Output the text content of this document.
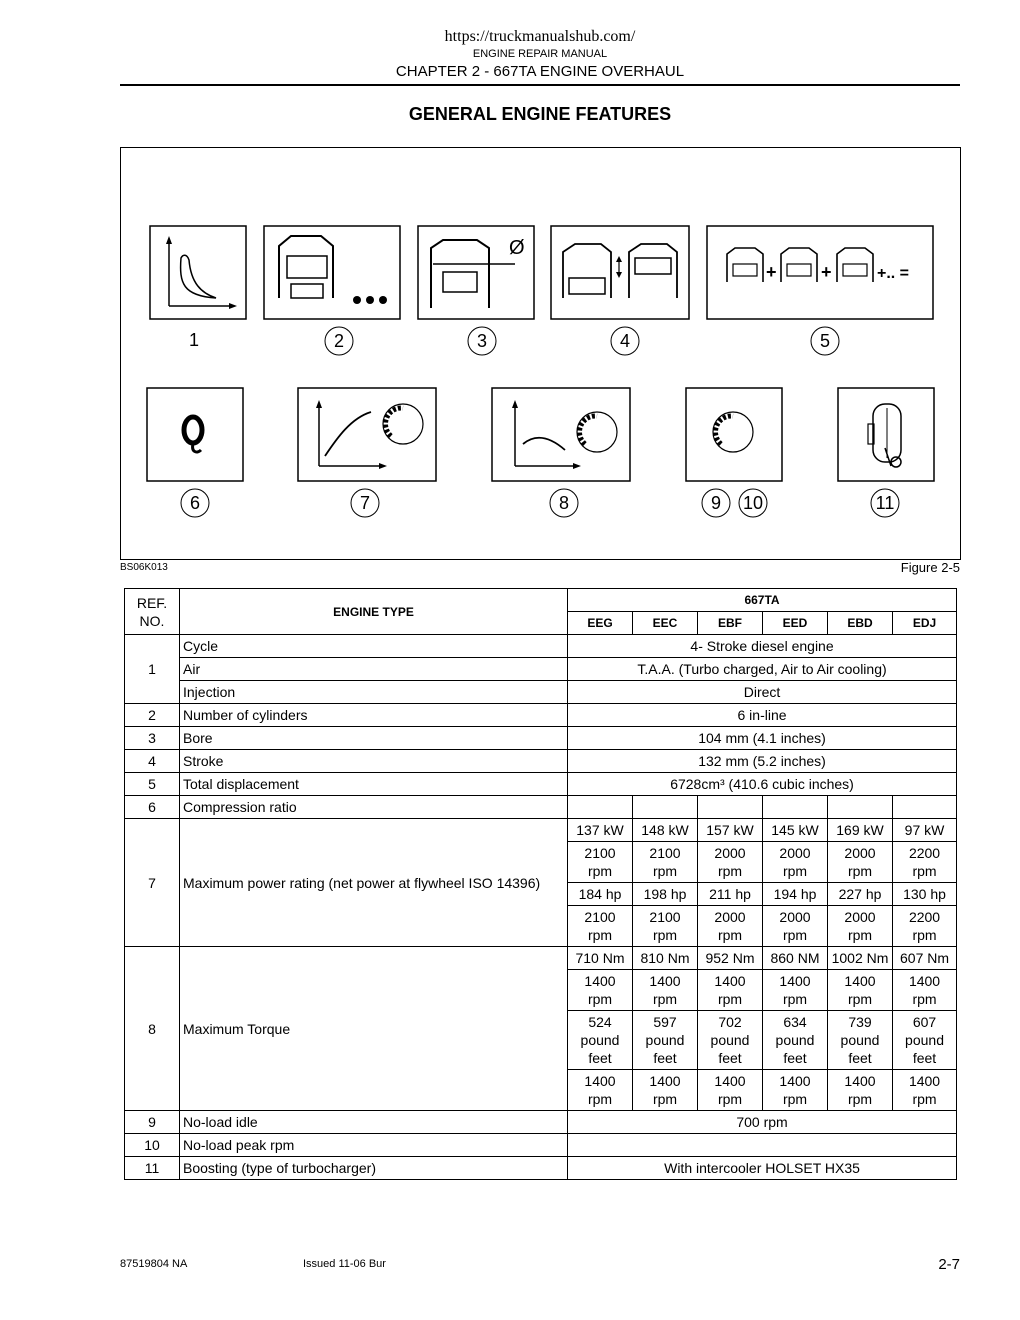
https://truckmanualshub.com/
ENGINE REPAIR MANUAL
CHAPTER 2 - 667TA ENGINE OVERHAUL
GENERAL ENGINE FEATURES
Ø
+ +	+.. =
1	2	3	4	5
6	7	8	9 10	11
BS06K013	Figure 2-5
REF. NO.	ENGINE TYPE	667TA					
		EEG	EEC	EBF	EED	EBD	EDJ
1	Cycle	4- Stroke diesel engine					
	Air	T.A.A. (Turbo charged, Air to Air cooling)					
	Injection	Direct					
2	Number of cylinders	6 in-line					
3	Bore	104 mm (4.1 inches)					
4	Stroke	132 mm (5.2 inches)					
5	Total displacement	6728cm³ (410.6 cubic inches)					
6	Compression ratio						
7	Maximum power rating (net power at flywheel ISO 14396)	137 kW	148 kW	157 kW	145 kW	169 kW	97 kW
		2100 rpm	2100 rpm	2000 rpm	2000 rpm	2000 rpm	2200 rpm
		184 hp	198 hp	211 hp	194 hp	227 hp	130 hp
		2100 rpm	2100 rpm	2000 rpm	2000 rpm	2000 rpm	2200 rpm
8	Maximum Torque	710 Nm	810 Nm	952 Nm	860 NM	1002 Nm	607 Nm
		1400 rpm	1400 rpm	1400 rpm	1400 rpm	1400 rpm	1400 rpm
		524 pound feet	597 pound feet	702 pound feet	634 pound feet	739 pound feet	607 pound feet
		1400 rpm	1400 rpm	1400 rpm	1400 rpm	1400 rpm	1400 rpm
9	No-load idle	700 rpm					
10	No-load peak rpm						
11	Boosting (type of turbocharger)	With intercooler HOLSET HX35					
87519804 NA	Issued 11-06 Bur	2-7
